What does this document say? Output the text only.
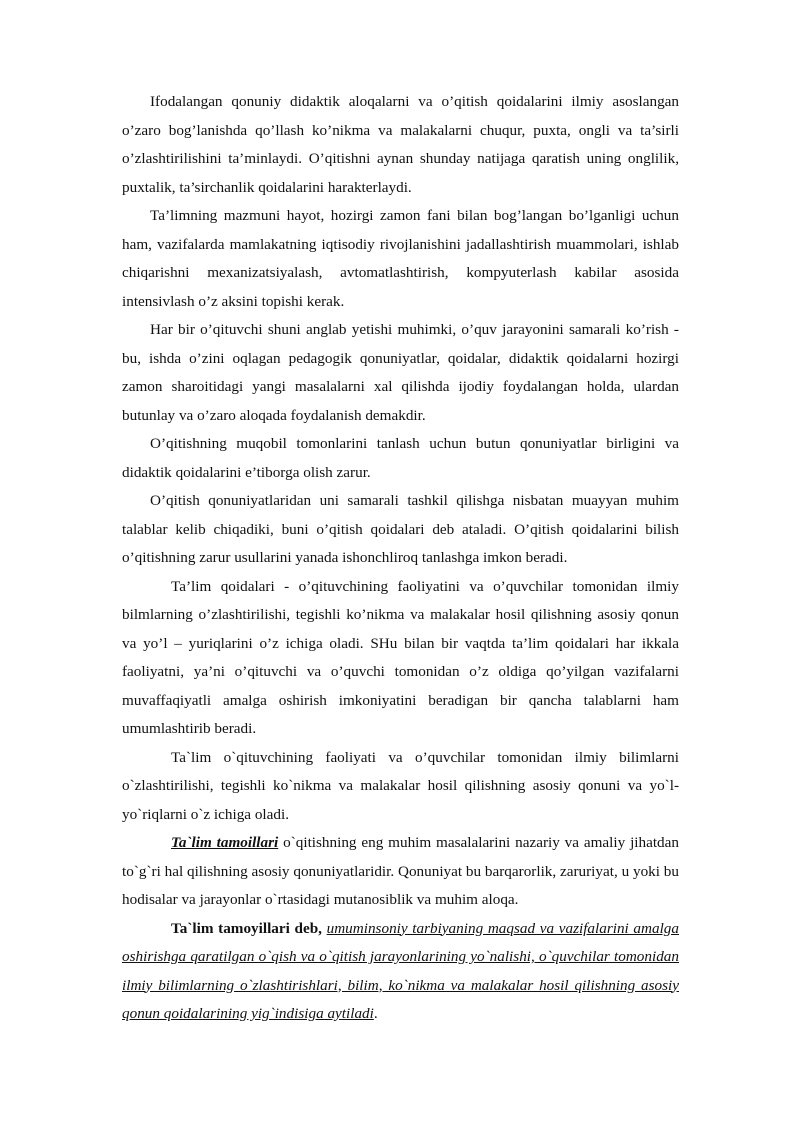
Ifodalangan qonuniy didaktik aloqalarni va o’qitish qoidalarini ilmiy asoslangan o’zaro bog’lanishda qo’llash ko’nikma va malakalarni chuqur, puxta, ongli va ta’sirli o’zlashtirilishini ta’minlaydi. O’qitishni aynan shunday natijaga qaratish uning onglilik, puxtalik, ta’sirchanlik qoidalarini harakterlaydi.

Ta’limning mazmuni hayot, hozirgi zamon fani bilan bog’langan bo’lganligi uchun ham, vazifalarda mamlakatning iqtisodiy rivojlanishini jadallashtirish muammolari, ishlab chiqarishni mexanizatsiyalash, avtomatlashtirish, kompyuterlash kabilar asosida intensivlash o’z aksini topishi kerak.

Har bir o’qituvchi shuni anglab yetishi muhimki, o’quv jarayonini samarali ko’rish - bu, ishda o’zini oqlagan pedagogik qonuniyatlar, qoidalar, didaktik qoidalarni hozirgi zamon sharoitidagi yangi masalalarni xal qilishda ijodiy foydalangan holda, ulardan butunlay va o’zaro aloqada foydalanish demakdir.

O’qitishning muqobil tomonlarini tanlash uchun butun qonuniyatlar birligini va didaktik qoidalarini e’tiborga olish zarur.

O’qitish qonuniyatlaridan uni samarali tashkil qilishga nisbatan muayyan muhim talablar kelib chiqadiki, buni o’qitish qoidalari deb ataladi. O’qitish qoidalarini bilish o’qitishning zarur usullarini yanada ishonchliroq tanlashga imkon beradi.

Ta’lim qoidalari - o’qituvchining faoliyatini va o’quvchilar tomonidan ilmiy bilmlarning o’zlashtirilishi, tegishli ko’nikma va malakalar hosil qilishning asosiy qonun va yo’l – yuriqlarini o’z ichiga oladi. SHu bilan bir vaqtda ta’lim qoidalari har ikkala faoliyatni, ya’ni o’qituvchi va o’quvchi tomonidan o’z oldiga qo’yilgan vazifalarni muvaffaqiyatli amalga oshirish imkoniyatini beradigan bir qancha talablarni ham umumlashtirib beradi.

Ta`lim o`qituvchining faoliyati va o’quvchilar tomonidan ilmiy bilimlarni o`zlashtirilishi, tegishli ko`nikma va malakalar hosil qilishning asosiy qonuni va yo`l-yo`riqlarni o`z ichiga oladi.

Ta`lim tamoillari o`qitishning eng muhim masalalarini nazariy va amaliy jihatdan to`g`ri hal qilishning asosiy qonuniyatlaridir. Qonuniyat bu barqarorlik, zaruriyat, u yoki bu hodisalar va jarayonlar o`rtasidagi mutanosiblik va muhim aloqa.

Ta`lim tamoyillari deb, umuminsoniy tarbiyaning maqsad va vazifalarini amalga oshirishga qaratilgan o`qish va o`qitish jarayonlarining yo`nalishi, o`quvchilar tomonidan ilmiy bilimlarning o`zlashtirishlari, bilim, ko`nikma va malakalar hosil qilishning asosiy qonun qoidalarining yig`indisiga aytiladi.
